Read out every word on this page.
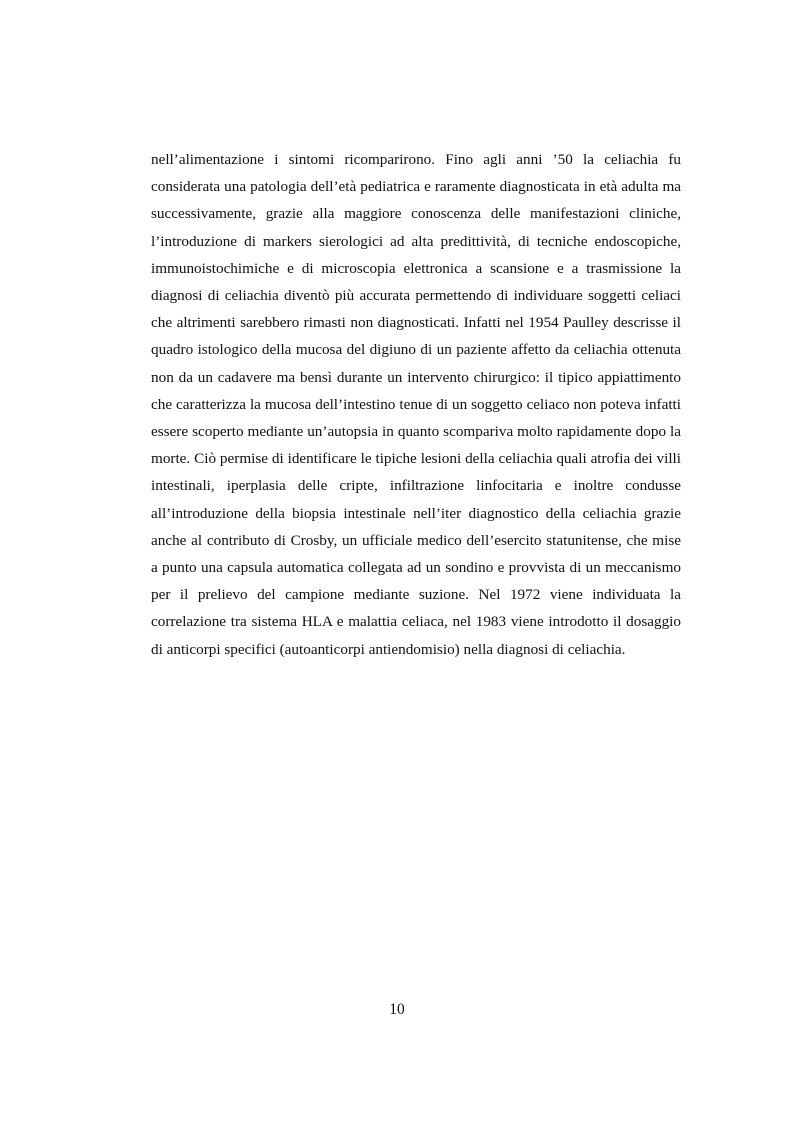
nell’alimentazione i sintomi ricomparirono. Fino agli anni ’50 la celiachia fu considerata una patologia dell’età pediatrica e raramente diagnosticata in età adulta ma successivamente, grazie alla maggiore conoscenza delle manifestazioni cliniche, l’introduzione di markers sierologici ad alta predittività, di tecniche endoscopiche, immunoistochimiche e di microscopia elettronica a scansione e a trasmissione la diagnosi di celiachia diventò più accurata permettendo di individuare soggetti celiaci che altrimenti sarebbero rimasti non diagnosticati. Infatti nel 1954 Paulley descrisse il quadro istologico della mucosa del digiuno di un paziente affetto da celiachia ottenuta non da un cadavere ma bensì durante un intervento chirurgico: il tipico appiattimento che caratterizza la mucosa dell’intestino tenue di un soggetto celiaco non poteva infatti essere scoperto mediante un’autopsia in quanto scompariva molto rapidamente dopo la morte. Ciò permise di identificare le tipiche lesioni della celiachia quali atrofia dei villi intestinali, iperplasia delle cripte, infiltrazione linfocitaria e inoltre condusse all’introduzione della biopsia intestinale nell’iter diagnostico della celiachia grazie anche al contributo di Crosby, un ufficiale medico dell’esercito statunitense, che mise a punto una capsula automatica collegata ad un sondino e provvista di un meccanismo per il prelievo del campione mediante suzione. Nel 1972 viene individuata la correlazione tra sistema HLA e malattia celiaca, nel 1983 viene introdotto il dosaggio di anticorpi specifici (autoanticorpi antiendomisio) nella diagnosi di celiachia.

10
